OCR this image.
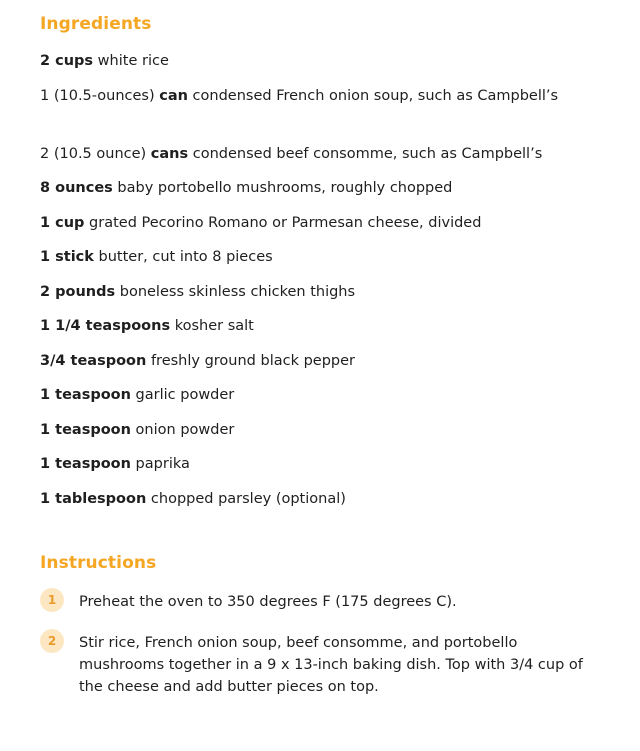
Ingredients
2 cups white rice
1 (10.5-ounces) can condensed French onion soup, such as Campbell’s
2 (10.5 ounce) cans condensed beef consomme, such as Campbell’s
8 ounces baby portobello mushrooms, roughly chopped
1 cup grated Pecorino Romano or Parmesan cheese, divided
1 stick butter, cut into 8 pieces
2 pounds boneless skinless chicken thighs
1 1/4 teaspoons kosher salt
3/4 teaspoon freshly ground black pepper
1 teaspoon garlic powder
1 teaspoon onion powder
1 teaspoon paprika
1 tablespoon chopped parsley (optional)
Instructions
1	Preheat the oven to 350 degrees F (175 degrees C).
2	Stir rice, French onion soup, beef consomme, and portobello mushrooms together in a 9 x 13-inch baking dish. Top with 3/4 cup of the cheese and add butter pieces on top.
